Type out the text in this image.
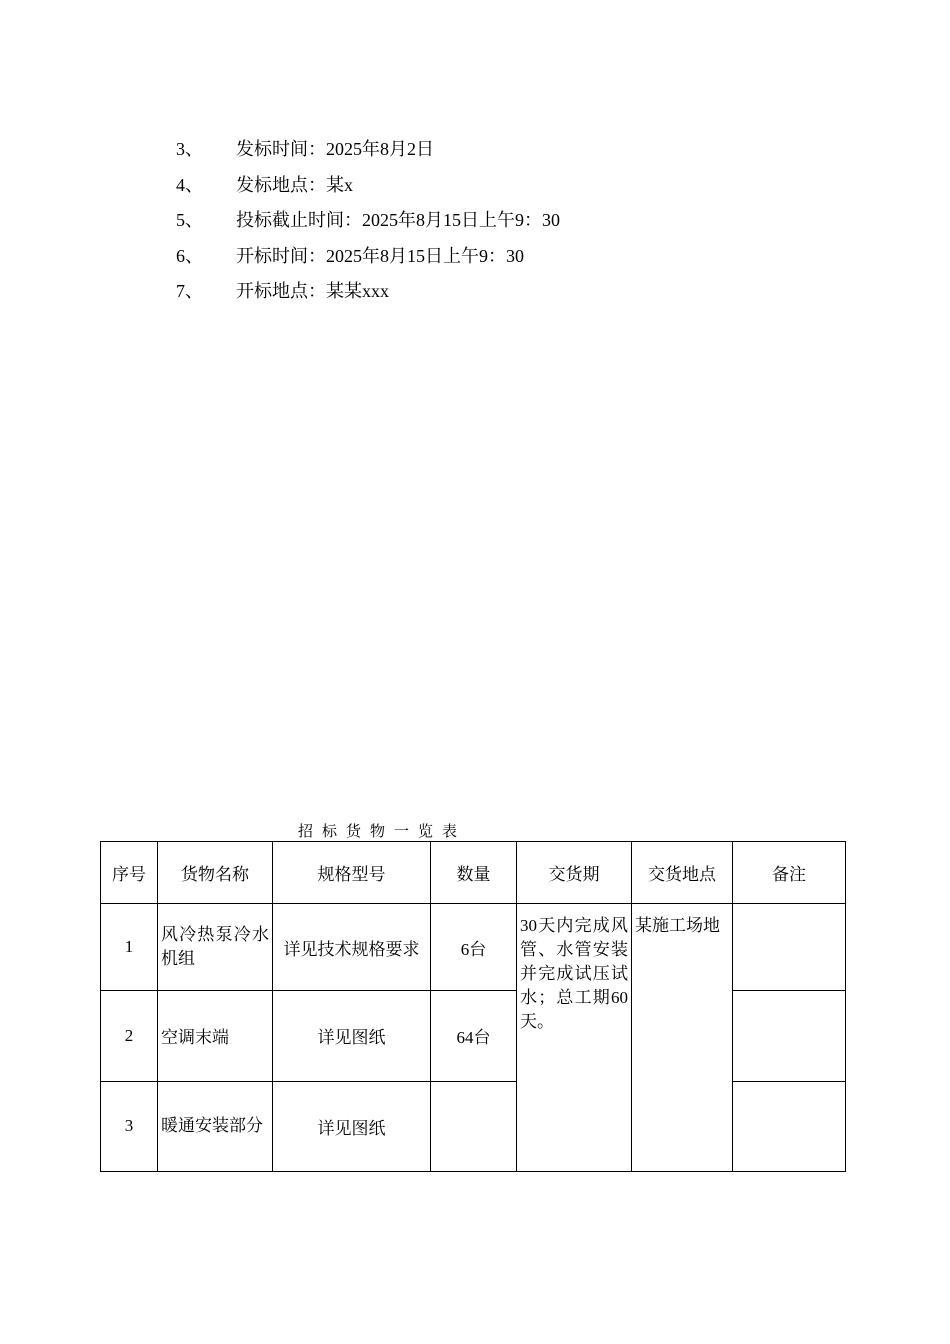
3、 发标时间：2025年8月2日
4、 发标地点：某x
5、 投标截止时间：2025年8月15日上午9：30
6、 开标时间：2025年8月15日上午9：30
7、 开标地点：某某xxx
招标货物一览表
序号	货物名称	规格型号	数量	交货期	交货地点	备注
1	风冷热泵冷水机组	详见技术规格要求	6台	30天内完成风管、水管安装并完成试压试水；总工期60天。	某施工场地	
2	空调末端	详见图纸	64台			
3	暖通安装部分	详见图纸				
